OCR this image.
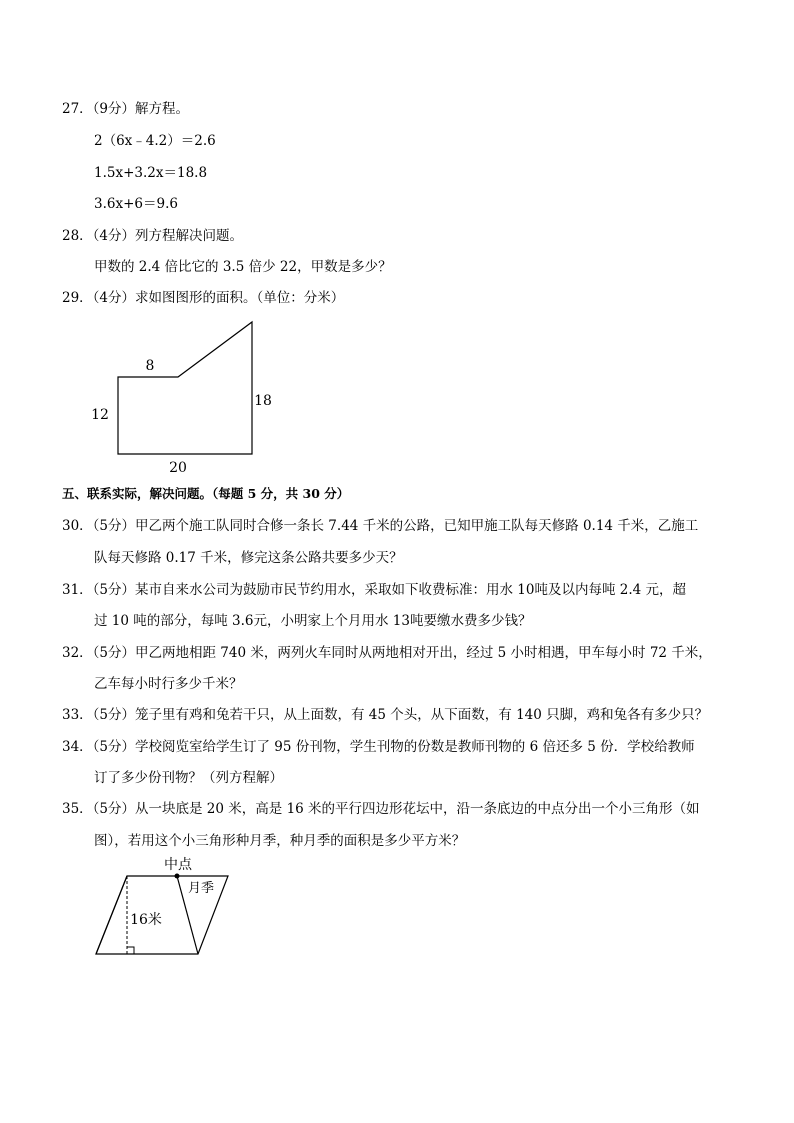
27．（9分）解方程。
2（6x﹣4.2）＝2.6
1.5x+3.2x＝18.8
3.6x+6＝9.6
28．（4分）列方程解决问题。
甲数的 2.4 倍比它的 3.5 倍少 22，甲数是多少？
29．（4分）求如图图形的面积。（单位：分米）
8
12
18
20
五、联系实际，解决问题。（每题 5 分，共 30 分）
30．（5分）甲乙两个施工队同时合修一条长 7.44 千米的公路，已知甲施工队每天修路 0.14 千米，乙施工
队每天修路 0.17 千米，修完这条公路共要多少天？
31．（5分）某市自来水公司为鼓励市民节约用水，采取如下收费标准：用水 10吨及以内每吨 2.4 元，超
过 10 吨的部分，每吨 3.6元，小明家上个月用水 13吨要缴水费多少钱？
32．（5分）甲乙两地相距 740 米，两列火车同时从两地相对开出，经过 5 小时相遇，甲车每小时 72 千米，
乙车每小时行多少千米？
33．（5分）笼子里有鸡和兔若干只，从上面数，有 45 个头，从下面数，有 140 只脚，鸡和兔各有多少只？
34．（5分）学校阅览室给学生订了 95 份刊物，学生刊物的份数是教师刊物的 6 倍还多 5 份．学校给教师
订了多少份刊物？（列方程解）
35．（5分）从一块底是 20 米，高是 16 米的平行四边形花坛中，沿一条底边的中点分出一个小三角形（如
图），若用这个小三角形种月季，种月季的面积是多少平方米？
中点
月季
16米
